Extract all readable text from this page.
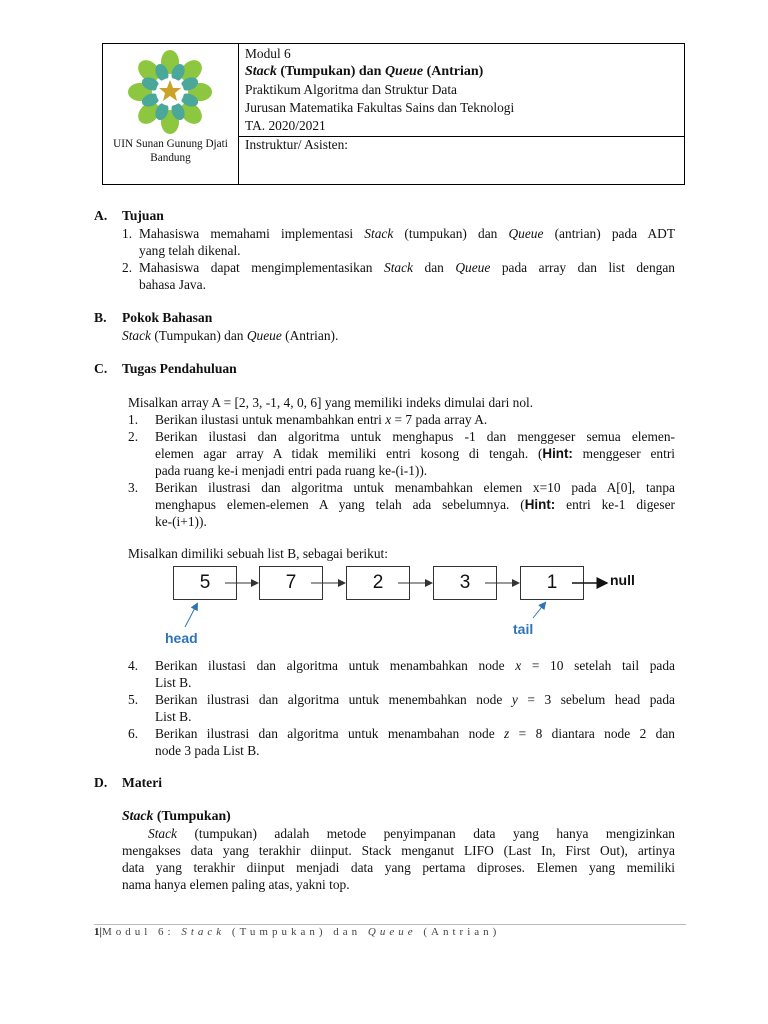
UIN Sunan Gunung Djati
Bandung
Modul 6
Stack (Tumpukan) dan Queue (Antrian)
Praktikum Algoritma dan Struktur Data
Jurusan Matematika Fakultas Sains dan Teknologi
TA. 2020/2021
Instruktur/ Asisten:
A. Tujuan
1. Mahasiswa memahami implementasi Stack (tumpukan) dan Queue (antrian) pada ADT
yang telah dikenal.
2. Mahasiswa dapat mengimplementasikan Stack dan Queue pada array dan list dengan
bahasa Java.
B. Pokok Bahasan
Stack (Tumpukan) dan Queue (Antrian).
C. Tugas Pendahuluan
Misalkan array A = [2, 3, -1, 4, 0, 6] yang memiliki indeks dimulai dari nol.
1. Berikan ilustasi untuk menambahkan entri x = 7 pada array A.
2. Berikan ilustasi dan algoritma untuk menghapus -1 dan menggeser semua elemen-
elemen agar array A tidak memiliki entri kosong di tengah. (Hint: menggeser entri
pada ruang ke-i menjadi entri pada ruang ke-(i-1)).
3. Berikan ilustrasi dan algoritma untuk menambahkan elemen x=10 pada A[0], tanpa
menghapus elemen-elemen A yang telah ada sebelumnya. (Hint: entri ke-1 digeser
ke-(i+1)).
Misalkan dimiliki sebuah list B, sebagai berikut:
5	7	2	3	1	null
head
tail
4. Berikan ilustasi dan algoritma untuk menambahkan node x = 10 setelah tail pada
List B.
5. Berikan ilustrasi dan algoritma untuk menembahkan node y = 3 sebelum head pada
List B.
6. Berikan ilustrasi dan algoritma untuk menambahan node z = 8 diantara node 2 dan
node 3 pada List B.
D. Materi
Stack (Tumpukan)
Stack (tumpukan) adalah metode penyimpanan data yang hanya mengizinkan
mengakses data yang terakhir diinput. Stack menganut LIFO (Last In, First Out), artinya
data yang terakhir diinput menjadi data yang pertama diproses. Elemen yang memiliki
nama hanya elemen paling atas, yakni top.
1|Modul 6: Stack (Tumpukan) dan Queue (Antrian)
